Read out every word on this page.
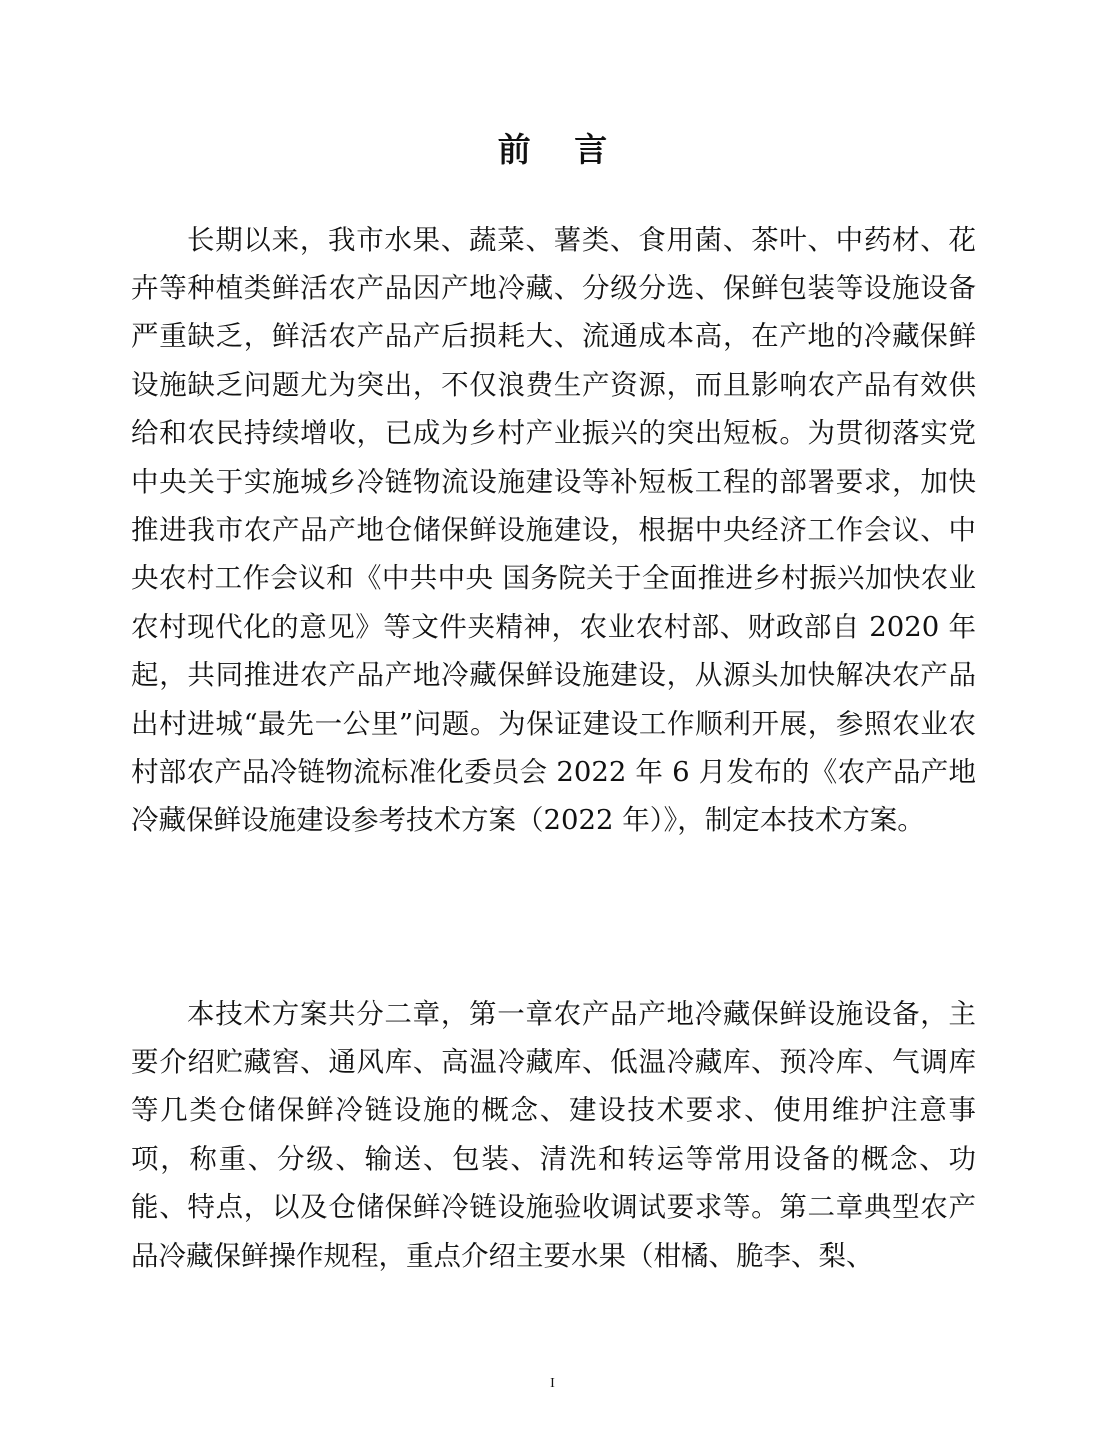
前 言

长期以来，我市水果、蔬菜、薯类、食用菌、茶叶、中药材、花卉等种植类鲜活农产品因产地冷藏、分级分选、保鲜包装等设施设备严重缺乏，鲜活农产品产后损耗大、流通成本高，在产地的冷藏保鲜设施缺乏问题尤为突出，不仅浪费生产资源，而且影响农产品有效供给和农民持续增收，已成为乡村产业振兴的突出短板。为贯彻落实党中央关于实施城乡冷链物流设施建设等补短板工程的部署要求，加快推进我市农产品产地仓储保鲜设施建设，根据中央经济工作会议、中央农村工作会议和《中共中央 国务院关于全面推进乡村振兴加快农业农村现代化的意见》等文件夹精神，农业农村部、财政部自 2020 年起，共同推进农产品产地冷藏保鲜设施建设，从源头加快解决农产品出村进城“最先一公里”问题。为保证建设工作顺利开展，参照农业农村部农产品冷链物流标准化委员会 2022 年 6 月发布的《农产品产地冷藏保鲜设施建设参考技术方案（2022 年）》，制定本技术方案。

本技术方案共分二章，第一章农产品产地冷藏保鲜设施设备，主要介绍贮藏窖、通风库、高温冷藏库、低温冷藏库、预冷库、气调库等几类仓储保鲜冷链设施的概念、建设技术要求、使用维护注意事项，称重、分级、输送、包装、清洗和转运等常用设备的概念、功能、特点，以及仓储保鲜冷链设施验收调试要求等。第二章典型农产品冷藏保鲜操作规程，重点介绍主要水果（柑橘、脆李、梨、

I
